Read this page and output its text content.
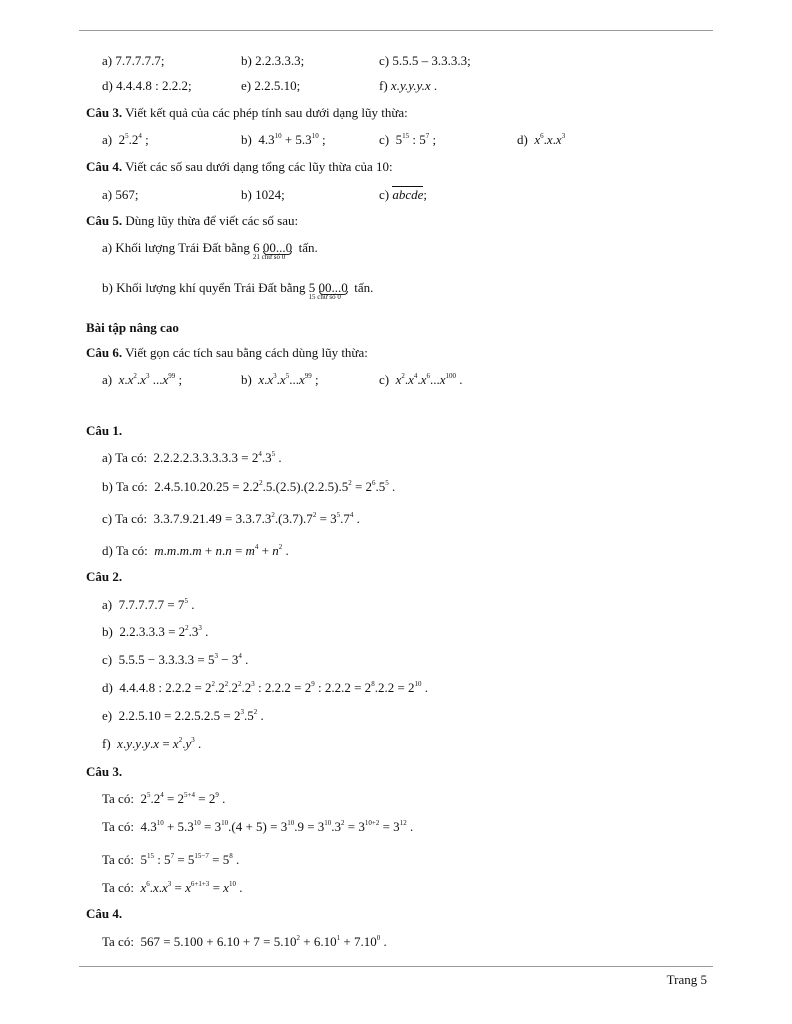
a) 7.7.7.7.7;	b) 2.2.3.3.3;	c) 5.5.5 – 3.3.3.3;
d) 4.4.4.8 : 2.2.2;	e) 2.2.5.10;	f) x.y.y.y.x .
Câu 3. Viết kết quả của các phép tính sau dưới dạng lũy thừa:
a)  $2^5.2^4$ ;	b)  $4.3^{10} + 5.3^{10}$ ;	c)  $5^{15}$ : $5^7$ ;	d)  $x^6.x.x^3$
Câu 4. Viết các số sau dưới dạng tổng các lũy thừa của 10:
a) 567;	b) 1024;	c) abcde;
Câu 5. Dùng lũy thừa để viết các số sau:
a) Khối lượng Trái Đất bằng 6 00...0
21 chữ số 0
tấn.
b) Khối lượng khí quyển Trái Đất bằng 5 00...0
15 chữ số 0
tấn.
Bài tập nâng cao
Câu 6. Viết gọn các tích sau bằng cách dùng lũy thừa:
a)  $x.x^2.x^3$ $...x^{99}$ ;	b)  $x.x^3.x^5...x^{99}$ ;	c)  $x^2.x^4.x^6...x^{100}$ .
Câu 1.
a) Ta có:  $2.2.2.2.3.3.3.3.3 = 2^4.3^5$ .
b) Ta có:  $2.4.5.10.20.25 = 2.2^2.5.(2.5).(2.2.5).5^2 = 2^6.5^5$ .
c) Ta có:  $3.3.7.9.21.49 = 3.3.7.3^2.(3.7).7^2 = 3^5.7^4$ .
d) Ta có:  $m.m.m.m + n.n = m^4 + n^2$ .
Câu 2.
a)  $7.7.7.7.7 = 7^5$ .
b)  $2.2.3.3.3 = 2^2.3^3$ .
c)  $5.5.5 - 3.3.3.3 = 5^3 - 3^4$ .
d)  4.4.4.8 : $2.2.2 = 2^2.2^2.2^2.2^3$ : $2.2.2 = 2^9$ : $2.2.2 = 2^8.2.2 = 2^{10}$ .
e)  $2.2.5.10 = 2.2.5.2.5 = 2^3.5^2$ .
f)  $x.y.y.y.x = x^2.y^3$ .
Câu 3.
Ta có:  $2^5.2^4 = 2^{5+4} = 2^9$ .
Ta có:  $4.3^{10} + 5.3^{10} = 3^{10}.(4 + 5) = 3^{10}.9 = 3^{10}.3^2 = 3^{10+2} = 3^{12}$ .
Ta có:  $5^{15}$ : $5^7 = 5^{15-7} = 5^8$ .
Ta có: $x^6.x.x^3 = x^{6+1+3} = x^{10}$ .
Câu 4.
Ta có:  $567 = 5.100 + 6.10 + 7 = 5.10^2 + 6.10^1 + 7.10^0$ .
Trang 5
